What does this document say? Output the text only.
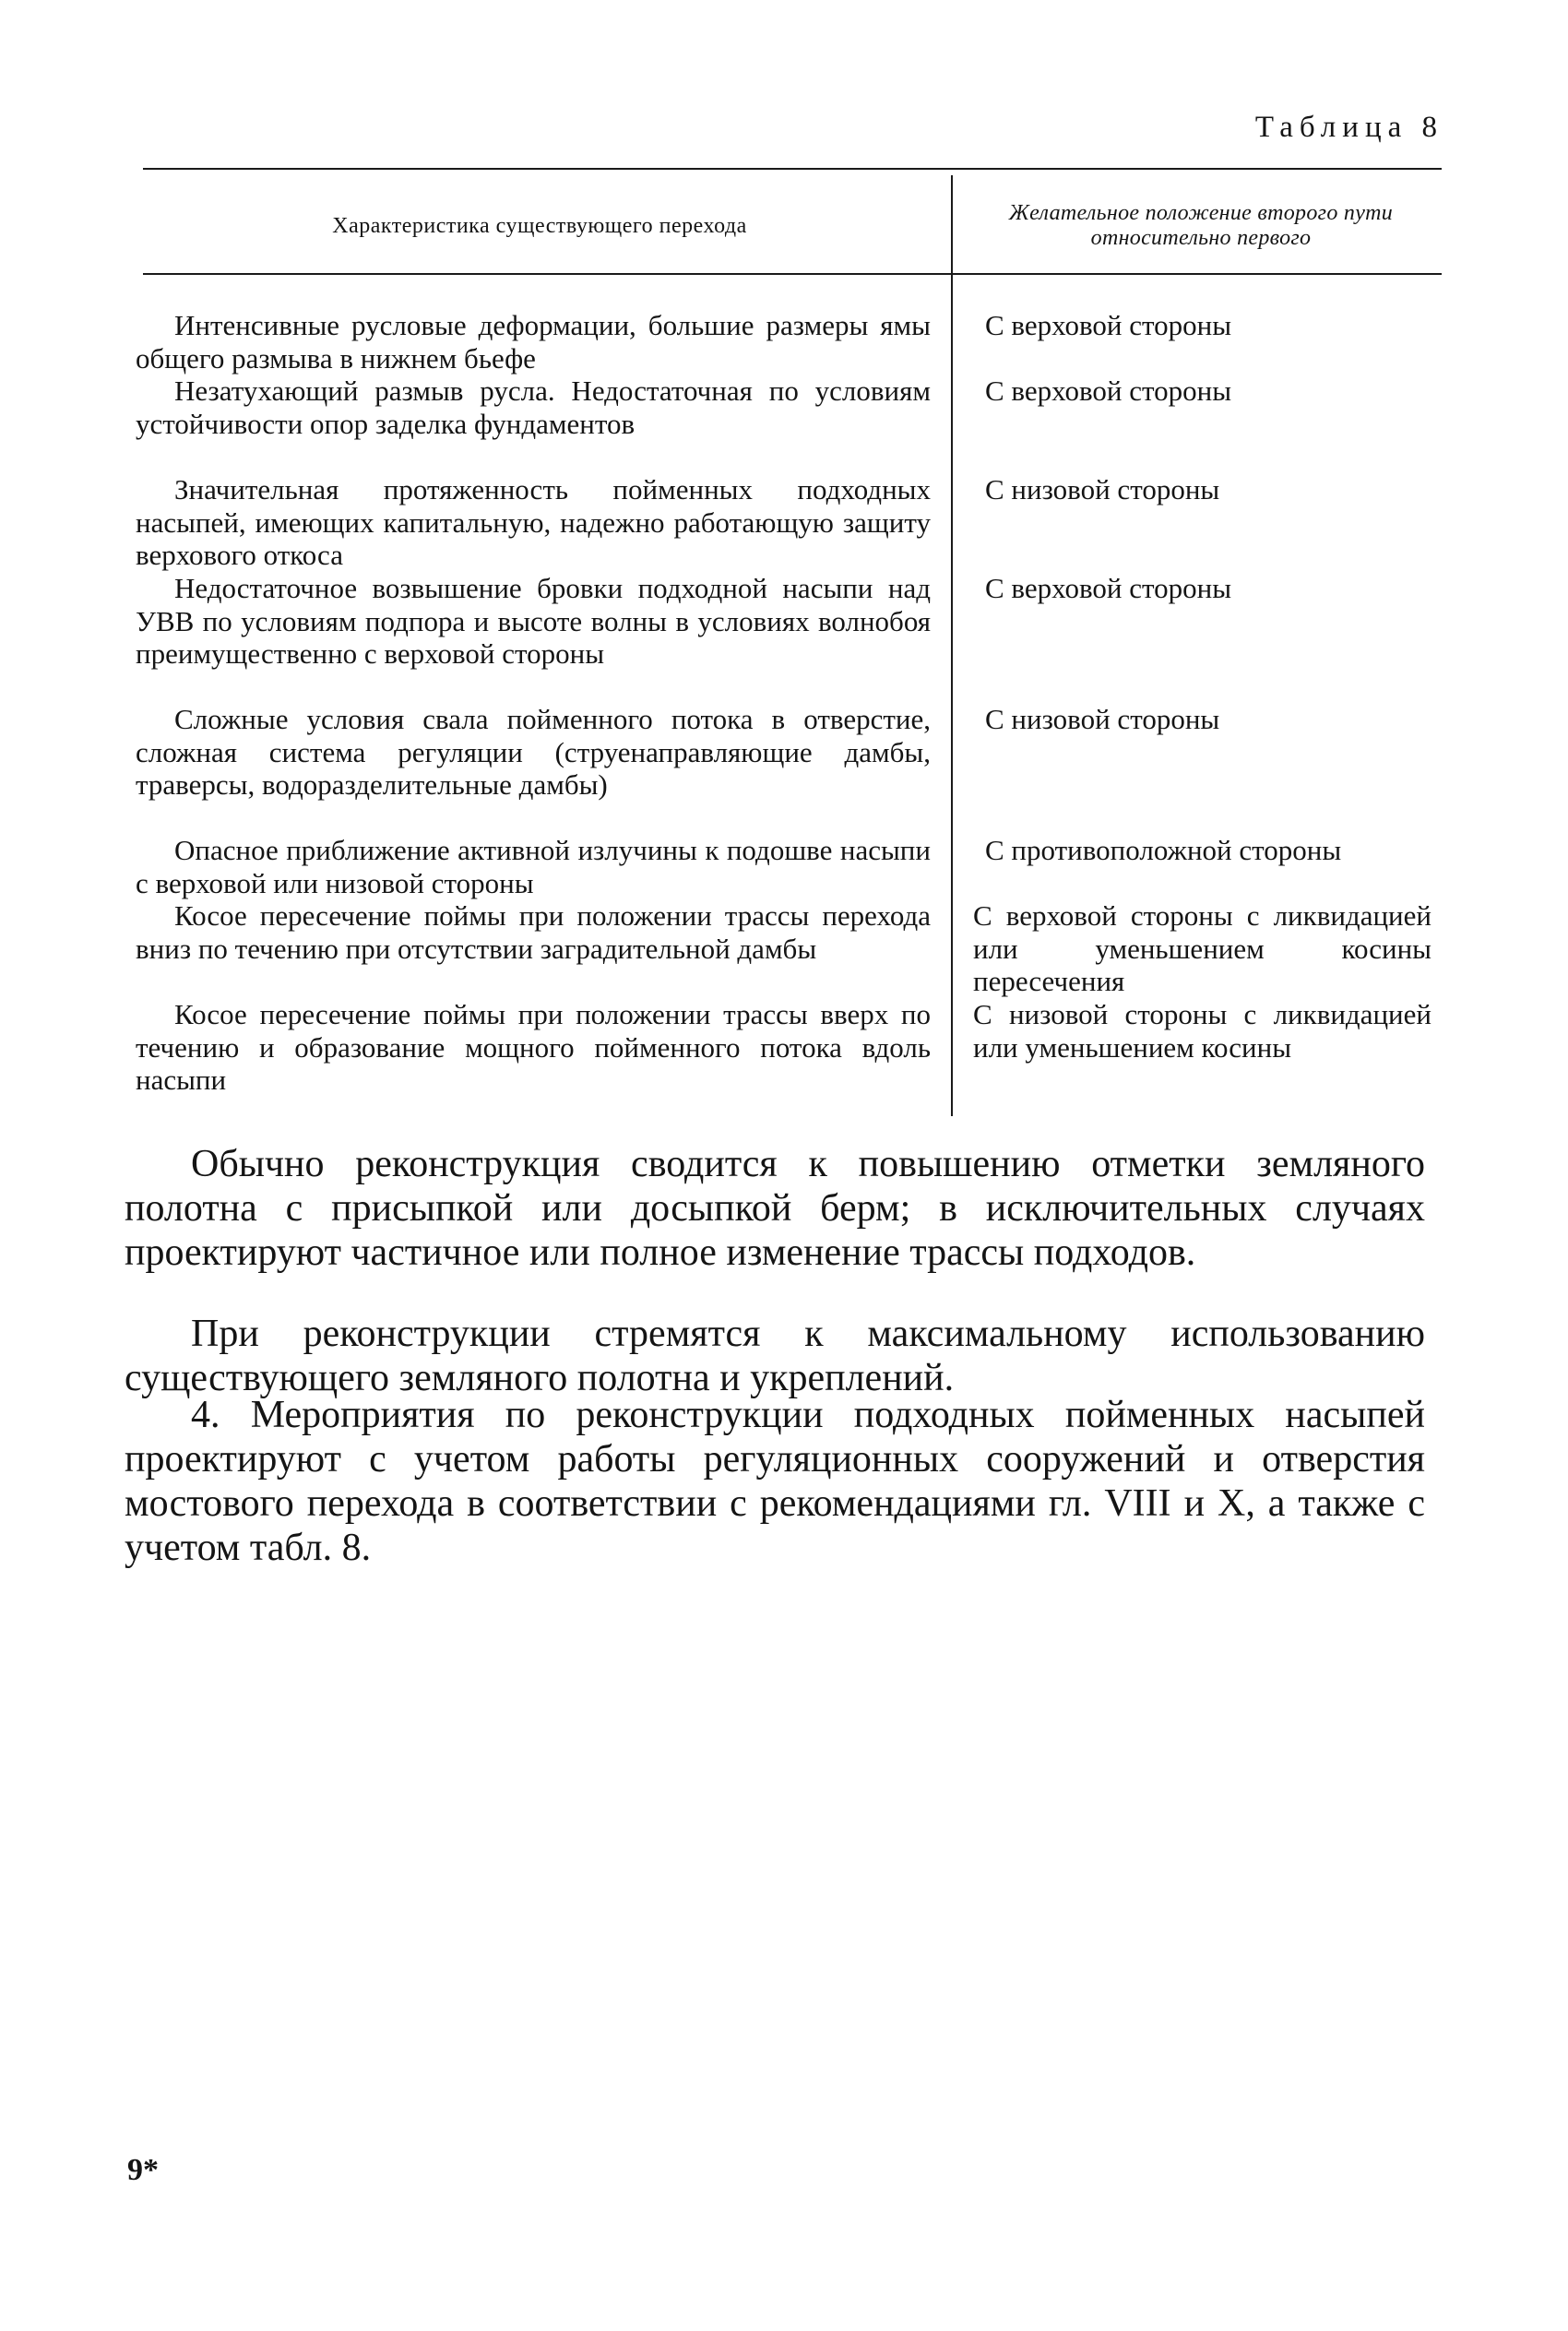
Таблица 8
Характеристика существующего перехода
Желательное положение второго пути относительно первого
Интенсивные русловые деформации, большие размеры ямы общего размыва в нижнем бьефе
Незатухающий размыв русла. Недостаточная по условиям устойчивости опор заделка фундаментов
Значительная протяженность пойменных подходных насыпей, имеющих капитальную, надежно работающую защиту верхового откоса
Недостаточное возвышение бровки подходной насыпи над УВВ по условиям подпора и высоте волны в условиях волнобоя преимущественно с верховой стороны
Сложные условия свала пойменного потока в отверстие, сложная система регуляции (струенаправляющие дамбы, траверсы, водоразделительные дамбы)
Опасное приближение активной излучины к подошве насыпи с верховой или низовой стороны
Косое пересечение поймы при положении трассы перехода вниз по течению при отсутствии заградительной дамбы
Косое пересечение поймы при положении трассы вверх по течению и образование мощного пойменного потока вдоль насыпи
С верховой стороны
С верховой стороны
С низовой стороны
С верховой стороны
С низовой стороны
С противоположной стороны
С верховой стороны с ликвидацией или уменьшением косины пересечения
С низовой стороны с ликвидацией или уменьшением косины
Обычно реконструкция сводится к повышению отметки земляного полотна с присыпкой или досыпкой берм; в исключительных случаях проектируют частичное или полное изменение трассы подходов.
При реконструкции стремятся к максимальному использованию существующего земляного полотна и укреплений.
4. Мероприятия по реконструкции подходных пойменных насыпей проектируют с учетом работы регуляционных сооружений и отверстия мостового перехода в соответствии с рекомендациями гл. VIII и X, а также с учетом табл. 8.
9*
